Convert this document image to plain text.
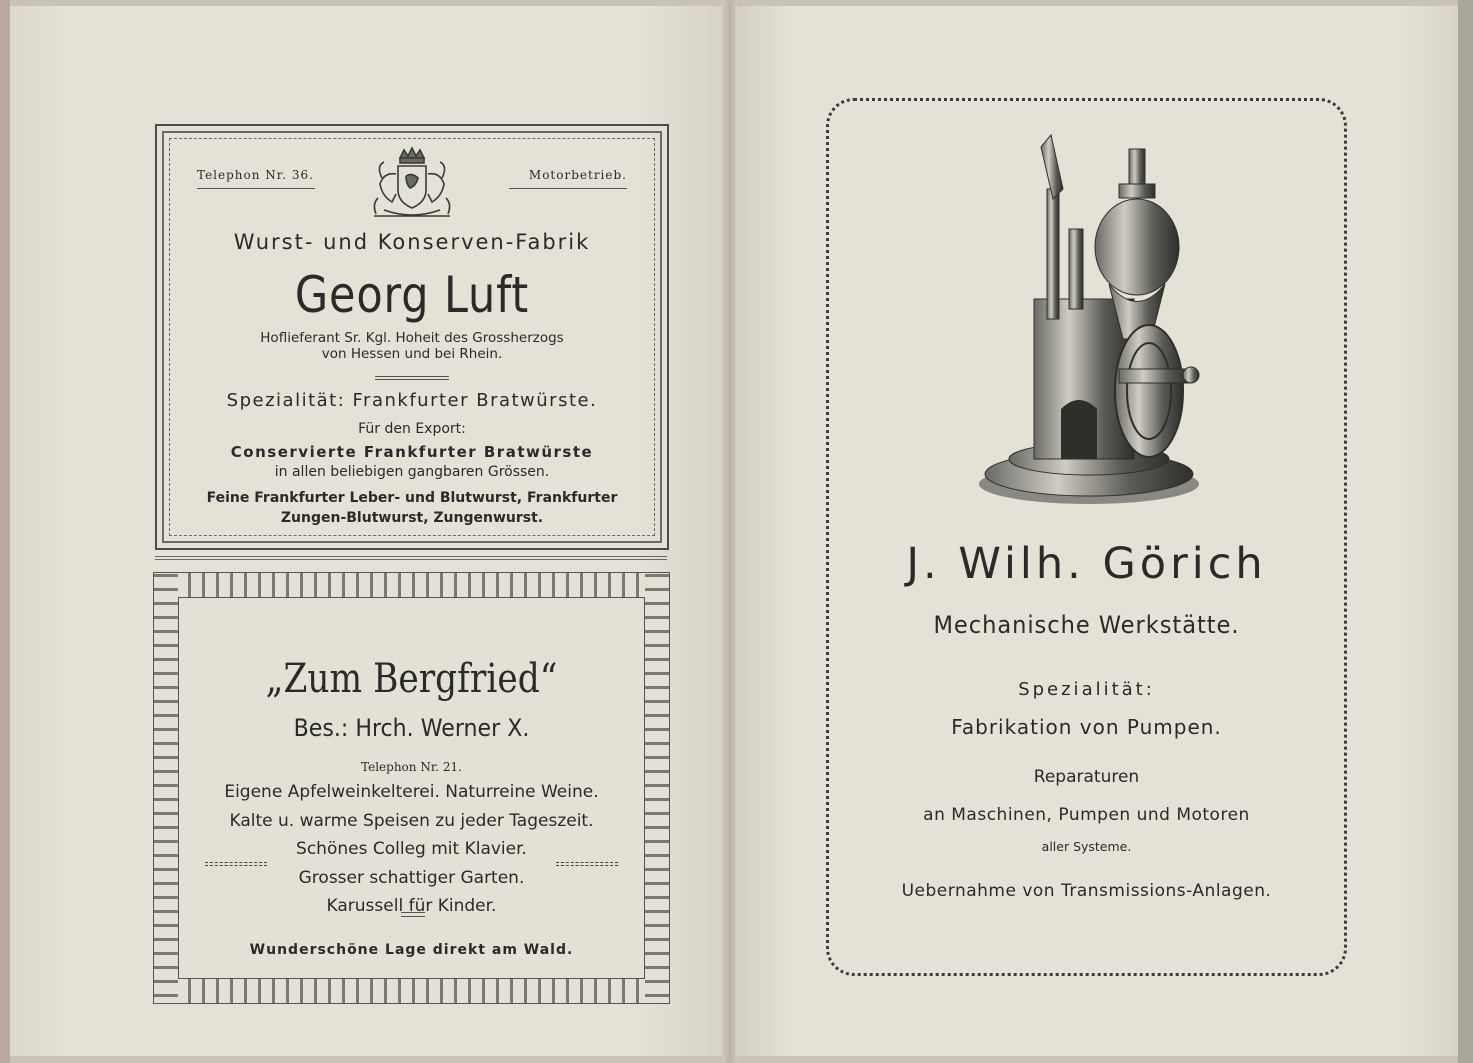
Telephon Nr. 36.	Motorbetrieb.
Wurst- und Konserven-Fabrik
Georg Luft
Hoflieferant Sr. Kgl. Hoheit des Grossherzogs
von Hessen und bei Rhein.
Spezialität: Frankfurter Bratwürste.
Für den Export:
Conservierte Frankfurter Bratwürste
in allen beliebigen gangbaren Grössen.
Feine Frankfurter Leber- und Blutwurst, Frankfurter
Zungen-Blutwurst, Zungenwurst.
„Zum Bergfried“
Bes.: Hrch. Werner X.
Telephon Nr. 21.
Eigene Apfelweinkelterei. Naturreine Weine.
Kalte u. warme Speisen zu jeder Tageszeit.
Schönes Colleg mit Klavier.
Grosser schattiger Garten.
Karussell für Kinder.
Wunderschöne Lage direkt am Wald.
J. Wilh. Görich
Mechanische Werkstätte.
Spezialität:
Fabrikation von Pumpen.
Reparaturen
an Maschinen, Pumpen und Motoren
aller Systeme.
Uebernahme von Transmissions-Anlagen.
